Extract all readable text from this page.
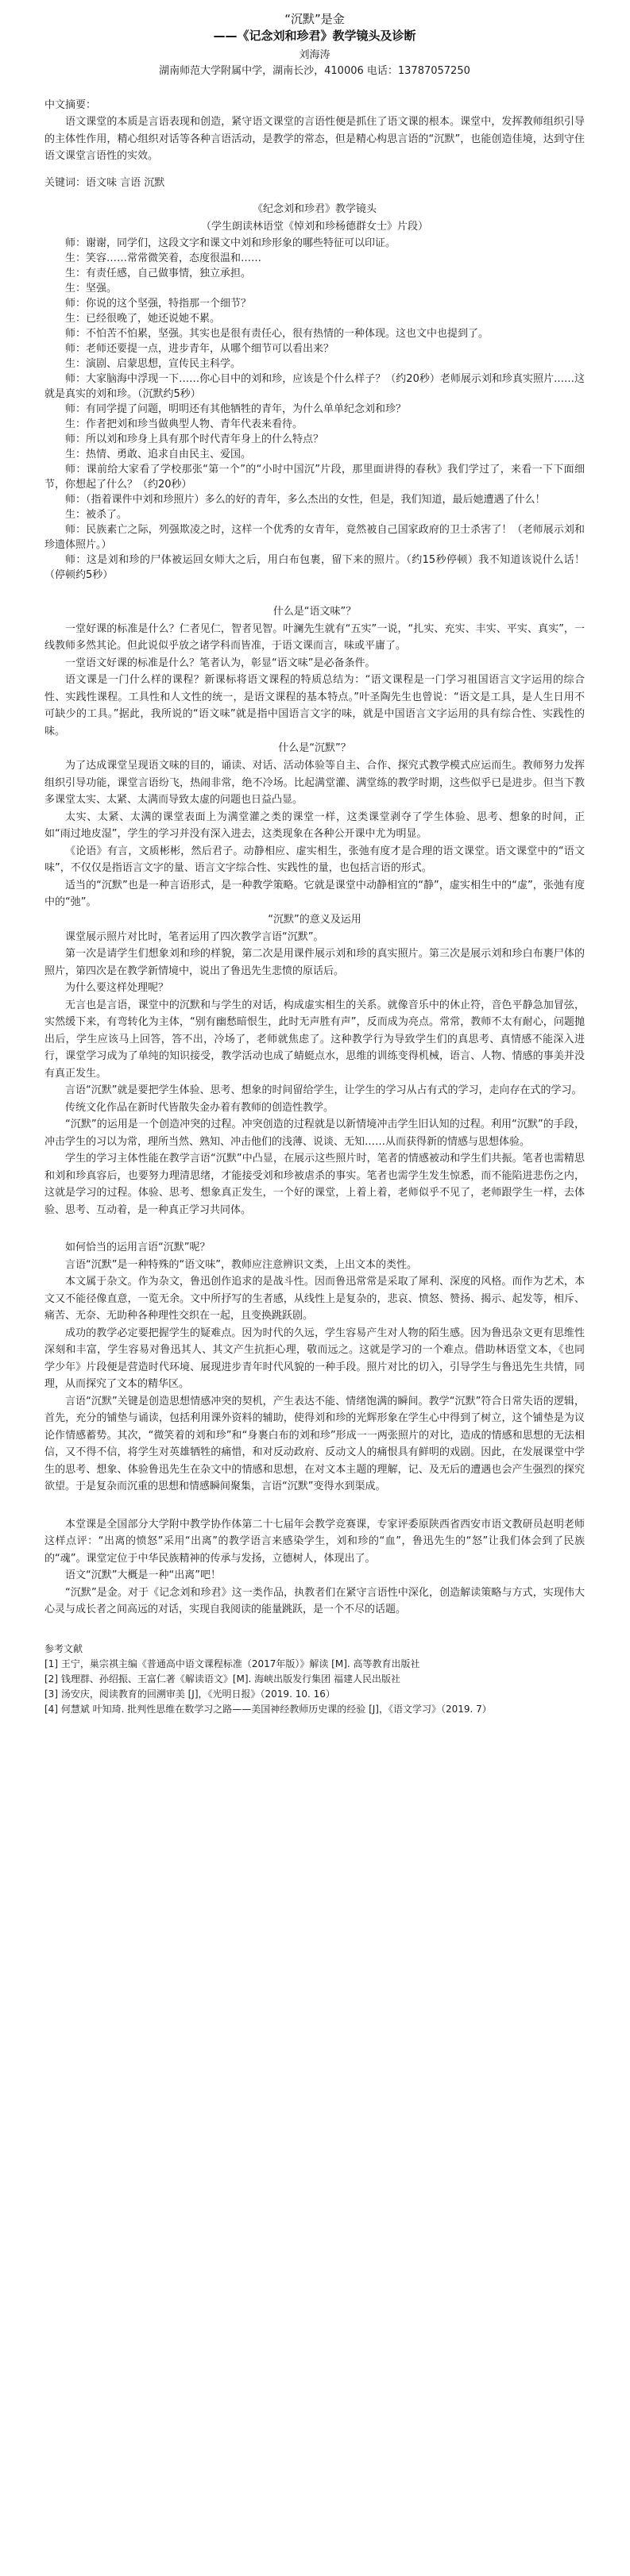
“沉默”是金
——《记念刘和珍君》教学镜头及诊断
刘海涛
湖南师范大学附属中学，湖南长沙，410006 电话：13787057250

中文摘要：

语文课堂的本质是言语表现和创造，紧守语文课堂的言语性便是抓住了语文课的根本。课堂中，发挥教师组织引导的主体性作用，精心组织对话等各种言语活动，是教学的常态，但是精心构思言语的“沉默”，也能创造佳境，达到守住语文课堂言语性的实效。

关键词：语文味 言语 沉默

《纪念刘和珍君》教学镜头

（学生朗读林语堂《悼刘和珍杨德群女士》片段）

师：谢谢，同学们，这段文字和课文中刘和珍形象的哪些特征可以印证。

生：笑容……常常微笑着，态度很温和……

生：有责任感，自己做事情，独立承担。

生：坚强。

师：你说的这个坚强，特指那一个细节？

生：已经很晚了，她还说她不累。

师：不怕苦不怕累，坚强。其实也是很有责任心，很有热情的一种体现。这也文中也提到了。

师：老师还要提一点，进步青年，从哪个细节可以看出来？

生：演剧、启蒙思想，宣传民主科学。

师：大家脑海中浮现一下……你心目中的刘和珍，应该是个什么样子？（约20秒）老师展示刘和珍真实照片……这就是真实的刘和珍。（沉默约5秒）

师：有同学提了问题，明明还有其他牺牲的青年，为什么单单纪念刘和珍？

生：作者把刘和珍当做典型人物、青年代表来看待。

师：所以刘和珍身上具有那个时代青年身上的什么特点？

生：热情、勇敢、追求自由民主、爱国。

师：课前给大家看了学校那张“第一个”的“小时中国沉”片段，那里面讲得的春秋》我们学过了，来看一下下面细节，你想起了什么？（约20秒）

师：（指着课件中刘和珍照片）多么的好的青年，多么杰出的女性，但是，我们知道，最后她遭遇了什么！

生：被杀了。

师：民族素亡之际，列强欺凌之时，这样一个优秀的女青年，竟然被自己国家政府的卫士杀害了！（老师展示刘和珍遗体照片。）

师：这是刘和珍的尸体被运回女师大之后，用白布包裹，留下来的照片。（约15秒停顿）我不知道该说什么话！（停顿约5秒）

什么是“语文味”？

一堂好课的标准是什么？仁者见仁，智者见智。叶澜先生就有“五实”一说，“扎实、充实、丰实、平实、真实”，一线教师多然其论。但此说似乎放之诸学科而皆准，于语文课而言，味或平庸了。

一堂语文好课的标准是什么？笔者认为，彰显“语文味”是必备条件。

语文课是一门什么样的课程？新课标将语文课程的特质总结为：“语文课程是一门学习祖国语言文字运用的综合性、实践性课程。工具性和人文性的统一，是语文课程的基本特点。”叶圣陶先生也曾说：“语文是工具，是人生日用不可缺少的工具。”据此，我所说的“语文味”就是指中国语言文字的味，就是中国语言文字运用的具有综合性、实践性的味。

什么是“沉默”？

为了达成课堂呈现语文味的目的，诵读、对话、活动体验等自主、合作、探究式教学模式应运而生。教师努力发挥组织引导功能，课堂言语纷飞，热闹非常，绝不冷场。比起满堂灌、满堂练的教学时期，这些似乎已是进步。但当下教多课堂太实、太紧、太满而导致太虚的问题也日益凸显。

太实、太紧、太满的课堂表面上为满堂灌之类的课堂一样，这类课堂剥夺了学生体验、思考、想象的时间，正如“雨过地皮湿”，学生的学习并没有深入进去，这类现象在各种公开课中尤为明显。

《论语》有言，文质彬彬，然后君子。动静相应、虚实相生，张弛有度才是合理的语文课堂。语文课堂中的“语文味”，不仅仅是指语言文字的量、语言文字综合性、实践性的量，也包括言语的形式。

适当的“沉默”也是一种言语形式，是一种教学策略。它就是课堂中动静相宜的“静”，虚实相生中的“虚”，张弛有度中的“弛”。

“沉默”的意义及运用

课堂展示照片对比时，笔者运用了四次教学言语“沉默”。

第一次是请学生们想象刘和珍的样貌，第二次是用课件展示刘和珍的真实照片。第三次是展示刘和珍白布裹尸体的照片，第四次是在教学新情境中，说出了鲁迅先生悲愤的原话后。

为什么要这样处理呢？

无言也是言语，课堂中的沉默和与学生的对话，构成虚实相生的关系。就像音乐中的休止符，音色平静急加冒弦，实然缓下来，有弯转化为主体，“别有幽愁暗恨生，此时无声胜有声”，反而成为亮点。常常，教师不太有耐心，问题抛出后，学生应该马上回答，答不出，冷场了，老师就焦虑了。这种教学行为导致学生们的真思考、真情感不能深入进行，课堂学习成为了单纯的知识接受，教学活动也成了蜻蜓点水，思维的训练变得机械，语言、人物、情感的事美并没有真正发生。

言语“沉默”就是要把学生体验、思考、想象的时间留给学生，让学生的学习从占有式的学习，走向存在式的学习。

传统文化作品在新时代皆散失金办着有教师的创造性教学。

“沉默”的运用是一个创造冲突的过程。冲突创造的过程就是以新情境冲击学生旧认知的过程。利用“沉默”的手段，冲击学生的习以为常，理所当然、熟知、冲击他们的浅薄、说谈、无知……从而获得新的情感与思想体验。

学生的学习主体性能在教学言语“沉默”中凸显，在展示这些照片时，笔者的情感被动和学生们共振。笔者也需精思和刘和珍真容后，也要努力理清思绪，才能接受刘和珍被虐杀的事实。笔者也需学生发生惊悉，而不能陷进悲伤之内，这就是学习的过程。体验、思考、想象真正发生，一个好的课堂，上着上着，老师似乎不见了，老师跟学生一样，去体验、思考、互动着，是一种真正学习共同体。

如何恰当的运用言语“沉默”呢？

言语“沉默”是一种特殊的“语文味”，教师应注意辨识文类，上出文本的类性。

本文属于杂文。作为杂文，鲁迅创作追求的是战斗性。因而鲁迅常常是采取了犀利、深度的风格。而作为艺术，本文又不能径像直意，一览无余。文中所抒写的生者感，从线性上是复杂的，悲哀、愤怒、赞扬、揭示、起发等，相斥、痛苦、无奈、无助种各种理性交织在一起，且变换跳跃剧。

成功的教学必定要把握学生的疑难点。因为时代的久远，学生容易产生对人物的陌生感。因为鲁迅杂文更有思维性深刻和丰富，学生容易对鲁迅其人、其文产生抗拒心理，敬而远之。这就是学习的一个难点。借助林语堂文本，《也同学少年》片段便是营造时代环境、展现进步青年时代风貌的一种手段。照片对比的切入，引导学生与鲁迅先生共情，同理，从而探究了文本的精华区。

言语“沉默”关键是创造思想情感冲突的契机，产生表达不能、情绪饱满的瞬间。教学“沉默”符合日常失语的逻辑，首先，充分的铺垫与诵读，包括利用课外资料的辅助，使得刘和珍的光辉形象在学生心中得到了树立，这个铺垫是为议论作情感蓄势。其次，“微笑着的刘和珍”和“身裹白布的刘和珍”形成一一两张照片的对比，造成的情感和思想的无法相信，又不得不信，将学生对英雄牺牲的痛惜，和对反动政府、反动文人的痛恨具有鲜明的戏剧。因此，在发展课堂中学生的思考、想象、体验鲁迅先生在杂文中的情感和思想，在对文本主题的理解，记、及无后的遭遇也会产生强烈的探究欲望。于是复杂而沉重的思想和情感瞬间聚集，言语“沉默”变得水到渠成。

本堂课是全国部分大学附中教学协作体第二十七届年会教学竞赛课，专家评委原陕西省西安市语文教研员赵明老师这样点评：“出离的愤怒”采用“出离”的教学语言来感染学生，刘和珍的“血”，鲁迅先生的“怒”让我们体会到了民族的“魂”。课堂定位于中华民族精神的传承与发扬，立德树人，体现出了。

语文“沉默”大概是一种“出离”吧！

“沉默”是金。对于《记念刘和珍君》这一类作品，执教者们在紧守言语性中深化，创造解读策略与方式，实现伟大心灵与成长者之间高远的对话，实现自我阅读的能量跳跃，是一个不尽的话题。

参考文献

[1] 王宁，巢宗祺主编《普通高中语文课程标准（2017年版）》解读 [M]. 高等教育出版社

[2] 钱理群、孙绍振、王富仁著《解读语文》[M]. 海峡出版发行集团 福建人民出版社

[3] 汤安庆，阅读教育的回溯审美 [J]，《光明日报》（2019. 10. 16）

[4] 何慧斌 叶知琦. 批判性思维在数学习之路——美国神经教师历史课的经验 [J]，《语文学习》（2019. 7）
